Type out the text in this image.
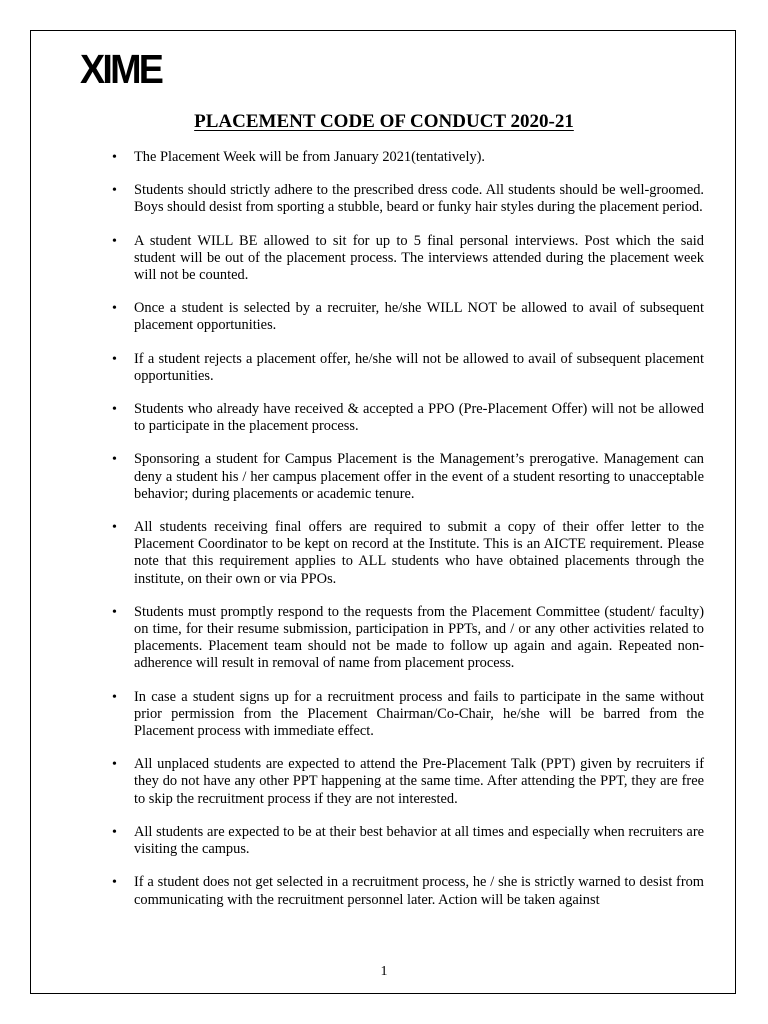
XIME
PLACEMENT CODE OF CONDUCT 2020-21
• The Placement Week will be from January 2021(tentatively).
• Students should strictly adhere to the prescribed dress code. All students should be well-groomed. Boys should desist from sporting a stubble, beard or funky hair styles during the placement period.
• A student WILL BE allowed to sit for up to 5 final personal interviews. Post which the said student will be out of the placement process. The interviews attended during the placement week will not be counted.
• Once a student is selected by a recruiter, he/she WILL NOT be allowed to avail of subsequent placement opportunities.
• If a student rejects a placement offer, he/she will not be allowed to avail of subsequent placement opportunities.
• Students who already have received & accepted a PPO (Pre-Placement Offer) will not be allowed to participate in the placement process.
• Sponsoring a student for Campus Placement is the Management’s prerogative. Management can deny a student his / her campus placement offer in the event of a student resorting to unacceptable behavior; during placements or academic tenure.
• All students receiving final offers are required to submit a copy of their offer letter to the Placement Coordinator to be kept on record at the Institute. This is an AICTE requirement. Please note that this requirement applies to ALL students who have obtained placements through the institute, on their own or via PPOs.
• Students must promptly respond to the requests from the Placement Committee (student/ faculty) on time, for their resume submission, participation in PPTs, and / or any other activities related to placements. Placement team should not be made to follow up again and again. Repeated non-adherence will result in removal of name from placement process.
• In case a student signs up for a recruitment process and fails to participate in the same without prior permission from the Placement Chairman/Co-Chair, he/she will be barred from the Placement process with immediate effect.
• All unplaced students are expected to attend the Pre-Placement Talk (PPT) given by recruiters if they do not have any other PPT happening at the same time. After attending the PPT, they are free to skip the recruitment process if they are not interested.
• All students are expected to be at their best behavior at all times and especially when recruiters are visiting the campus.
• If a student does not get selected in a recruitment process, he / she is strictly warned to desist from communicating with the recruitment personnel later. Action will be taken against
1
